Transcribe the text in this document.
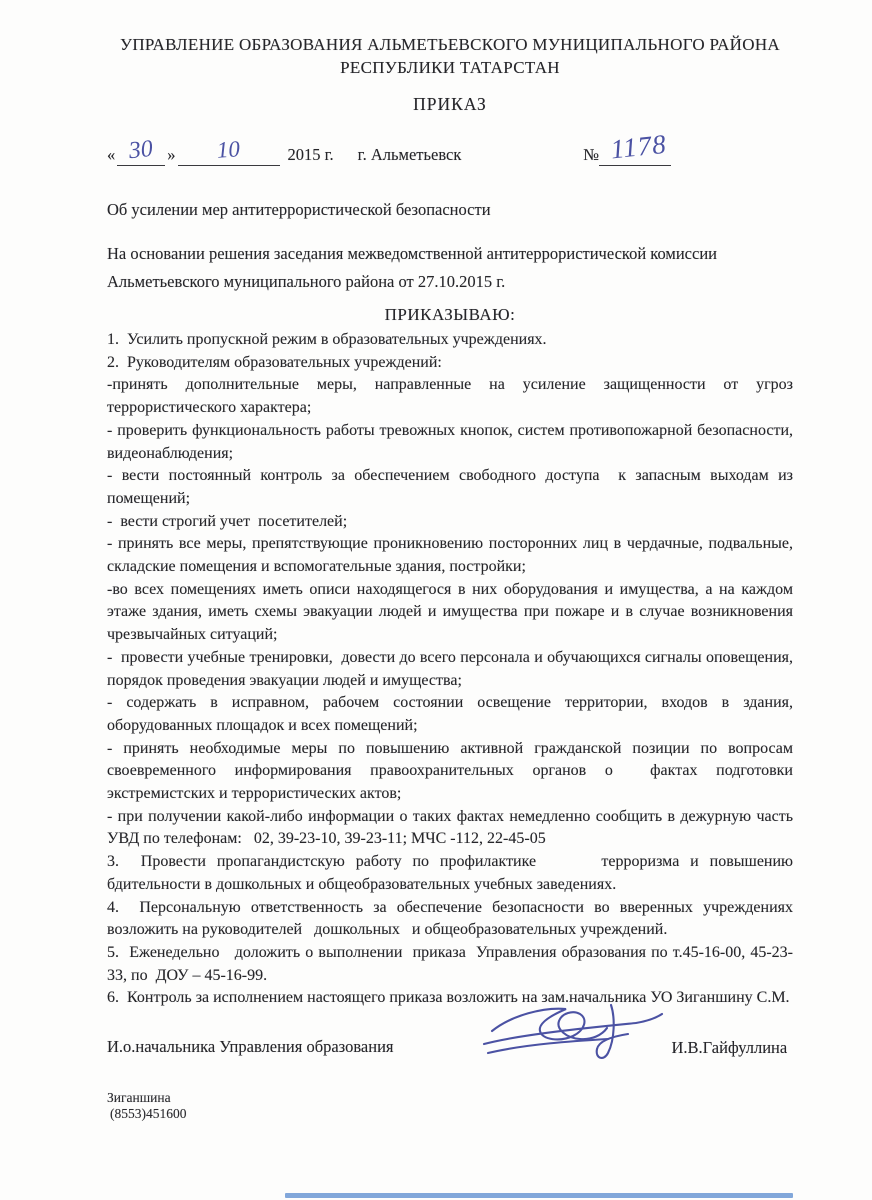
УПРАВЛЕНИЕ ОБРАЗОВАНИЯ АЛЬМЕТЬЕВСКОГО МУНИЦИПАЛЬНОГО РАЙОНА
РЕСПУБЛИКИ ТАТАРСТАН
ПРИКАЗ
« 30 »	10	2015 г. г. Альметьевск	№ 1178
Об усилении мер антитеррористической безопасности
На основании решения заседания межведомственной антитеррористической комиссии Альметьевского муниципального района от 27.10.2015 г.
ПРИКАЗЫВАЮ:

1.  Усилить пропускной режим в образовательных учреждениях.

2.  Руководителям образовательных учреждений:

-принять дополнительные меры, направленные на усиление защищенности от угроз террористического характера;

- проверить функциональность работы тревожных кнопок, систем противопожарной безопасности, видеонаблюдения;

- вести постоянный контроль за обеспечением свободного доступа  к запасным выходам из помещений;

-  вести строгий учет  посетителей;

- принять все меры, препятствующие проникновению посторонних лиц в чердачные, подвальные, складские помещения и вспомогательные здания, постройки;

-во всех помещениях иметь описи находящегося в них оборудования и имущества, а на каждом этаже здания, иметь схемы эвакуации людей и имущества при пожаре и в случае возникновения чрезвычайных ситуаций;

-  провести учебные тренировки,  довести до всего персонала и обучающихся сигналы оповещения, порядок проведения эвакуации людей и имущества;

- содержать в исправном, рабочем состоянии освещение территории, входов в здания, оборудованных площадок и всех помещений;

- принять необходимые меры по повышению активной гражданской позиции по вопросам своевременного информирования правоохранительных органов о  фактах подготовки экстремистских и террористических актов;

- при получении какой-либо информации о таких фактах немедленно сообщить в дежурную часть УВД по телефонам:   02, 39-23-10, 39-23-11; МЧС -112, 22-45-05

3.  Провести пропагандистскую работу по профилактике      терроризма и повышению бдительности в дошкольных и общеобразовательных учебных заведениях.

4.  Персональную ответственность за обеспечение безопасности во вверенных учреждениях   возложить на руководителей   дошкольных   и общеобразовательных учреждений.

5.  Еженедельно   доложить о выполнении  приказа  Управления образования по т.45-16-00, 45-23-33, по  ДОУ – 45-16-99.

6.  Контроль за исполнением настоящего приказа возложить на зам.начальника УО Зиганшину С.М.

И.о.начальника Управления образования	И.В.Гайфуллина
Зиганшина
(8553)451600
